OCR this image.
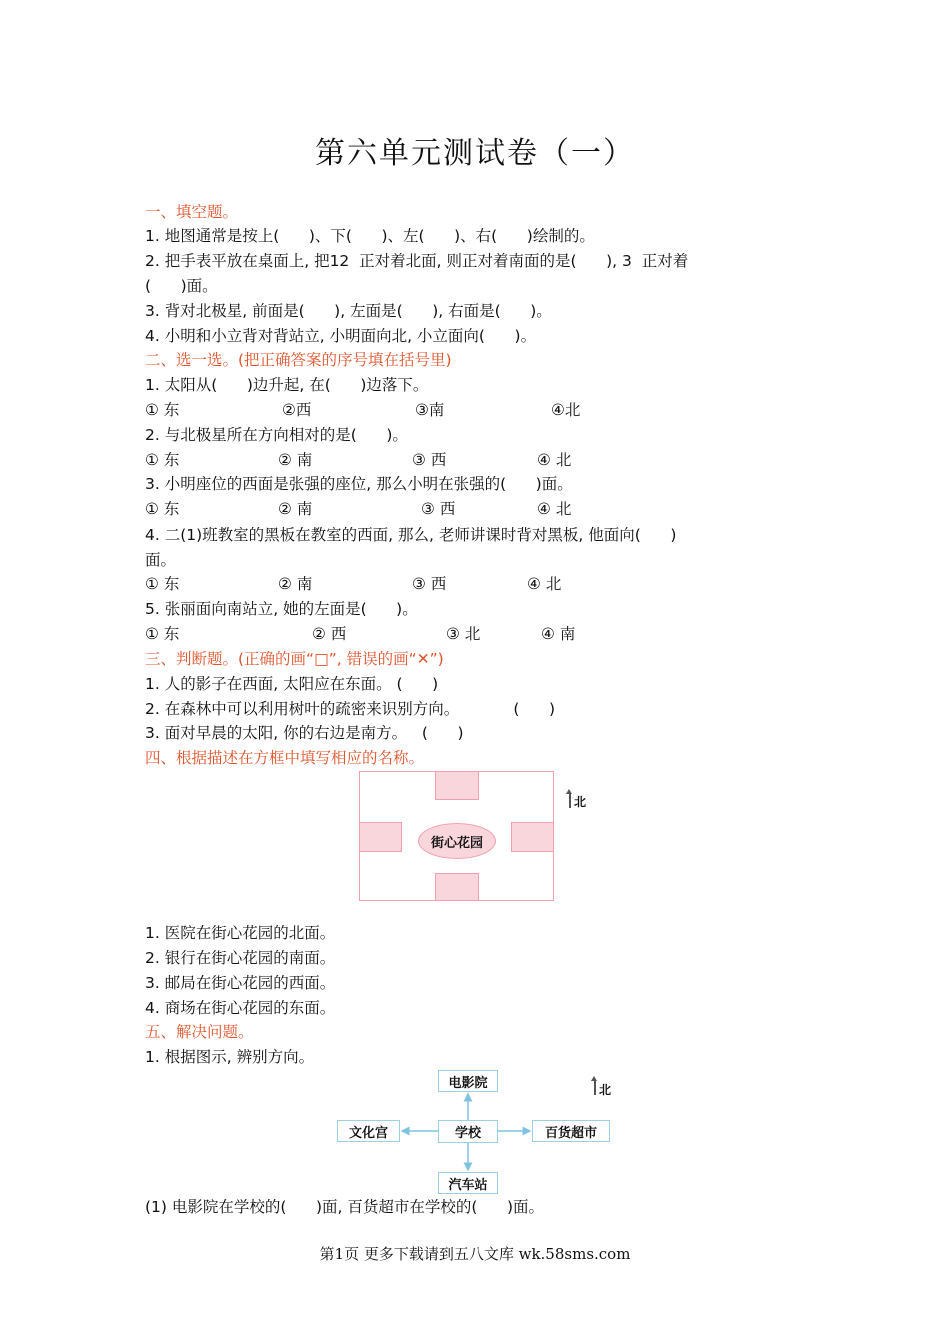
第六单元测试卷（一）
一、填空题。
1. 地图通常是按上(      )、下(      )、左(      )、右(      )绘制的。
2. 把手表平放在桌面上, 把12  正对着北面, 则正对着南面的是(      ), 3  正对着
(      )面。
3. 背对北极星, 前面是(      ), 左面是(      ), 右面是(      )。
4. 小明和小立背对背站立, 小明面向北, 小立面向(      )。
二、选一选。(把正确答案的序号填在括号里)
1. 太阳从(      )边升起, 在(      )边落下。
① 东	②西	③南	④北
2. 与北极星所在方向相对的是(      )。
① 东	② 南	③ 西	④ 北
3. 小明座位的西面是张强的座位, 那么小明在张强的(      )面。
① 东	② 南	③ 西	④ 北
4. 二(1)班教室的黑板在教室的西面, 那么, 老师讲课时背对黑板, 他面向(      )
面。
① 东	② 南	③ 西	④ 北
5. 张丽面向南站立, 她的左面是(      )。
① 东	② 西	③ 北	④ 南
三、判断题。(正确的画“□”, 错误的画“✕”)
1. 人的影子在西面, 太阳应在东面。 (      )
2. 在森林中可以利用树叶的疏密来识别方向。           (      )
3. 面对早晨的太阳, 你的右边是南方。   (      )
四、根据描述在方框中填写相应的名称。
街心花园
北
1. 医院在街心花园的北面。
2. 银行在街心花园的南面。
3. 邮局在街心花园的西面。
4. 商场在街心花园的东面。
五、解决问题。
1. 根据图示, 辨别方向。
电影院
文化宫	学校	百货超市
汽车站
北
(1) 电影院在学校的(      )面, 百货超市在学校的(      )面。
第1页 更多下载请到五八文库 wk.58sms.com
